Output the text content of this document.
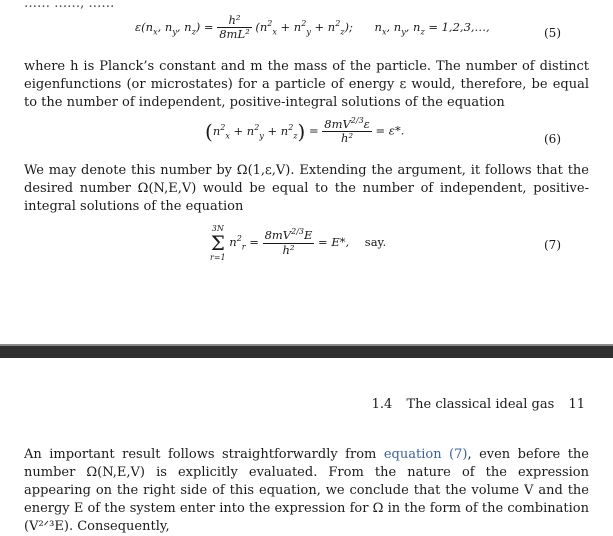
…… ……, ……
$\varepsilon(n_x$, $n_y$, $n_z) = \frac{\text{h²}}{\text{8mL²}} (n^2_x + n^2_y + n^2_z)$; $n_x$, $n_y$, $n_z$ = 1,2,3,…,	(5)

where h is Planck’s constant and m the mass of the particle. The number of distinct eigenfunctions (or microstates) for a particle of energy ε would, therefore, be equal to the number of independent, positive-integral solutions of the equation

$(n^2_x + n^2_y + n^2_z) = \frac{8mV^{2/3}\varepsilon}{\text{h²}} = \varepsilon*$.
(6)

We may denote this number by Ω(1,ε,V). Extending the argument, it follows that the desired number Ω(N,E,V) would be equal to the number of independent, positive-integral solutions of the equation

3N
Σ
r=1
$n^2_r = \frac{8mV^{2/3}E}{\text{h²}} = E*$, say.	(7)
1.4 The classical ideal gas 11

An important result follows straightforwardly from equation (7), even before the number Ω(N,E,V) is explicitly evaluated. From the nature of the expression appearing on the right side of this equation, we conclude that the volume V and the energy E of the system enter into the expression for Ω in the form of the combination (V²ᐟ³E). Consequently,
